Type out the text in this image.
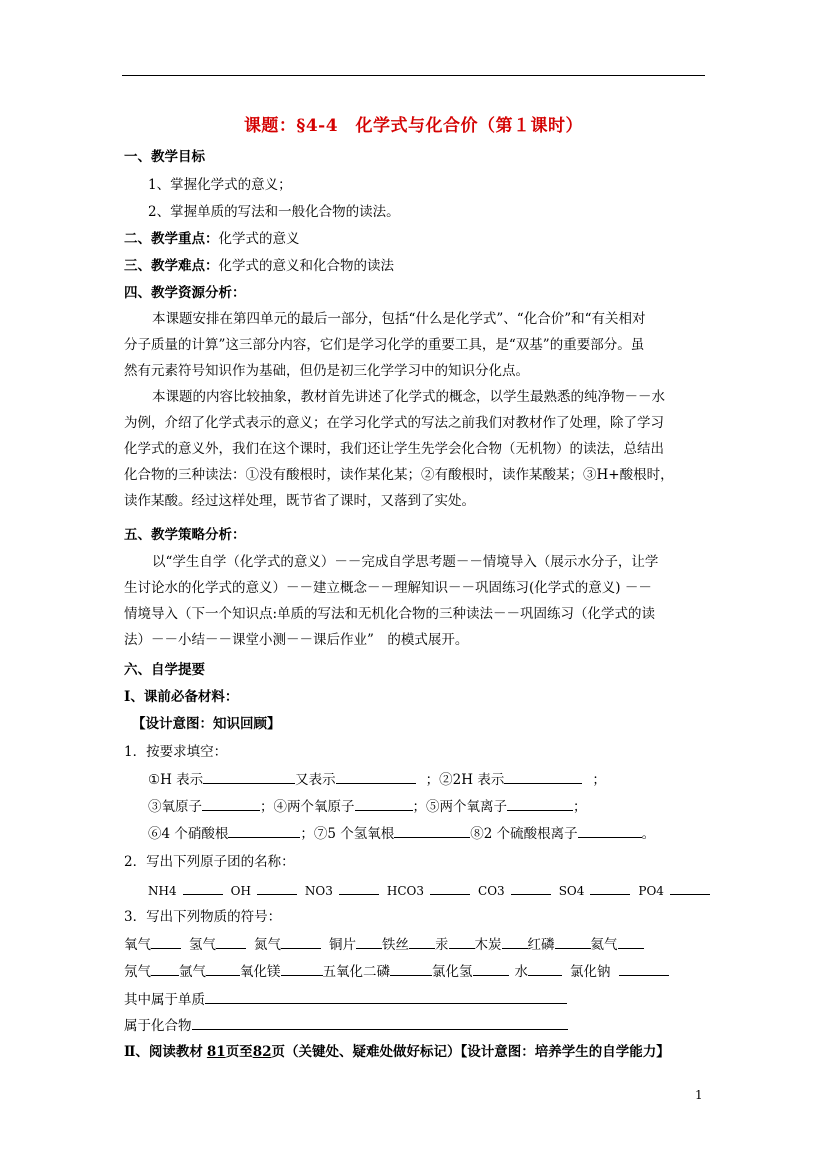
课题：§4-4　化学式与化合价（第１课时）
一、教学目标
1、掌握化学式的意义；
2、掌握单质的写法和一般化合物的读法。
二、教学重点：化学式的意义
三、教学难点：化学式的意义和化合物的读法
四、教学资源分析：
本课题安排在第四单元的最后一部分，包括“什么是化学式”、“化合价”和“有关相对
分子质量的计算”这三部分内容，它们是学习化学的重要工具，是“双基”的重要部分。虽
然有元素符号知识作为基础，但仍是初三化学学习中的知识分化点。
本课题的内容比较抽象，教材首先讲述了化学式的概念，以学生最熟悉的纯净物－－水
为例，介绍了化学式表示的意义；在学习化学式的写法之前我们对教材作了处理，除了学习
化学式的意义外，我们在这个课时，我们还让学生先学会化合物（无机物）的读法，总结出
化合物的三种读法：①没有酸根时，读作某化某；②有酸根时，读作某酸某；③H+酸根时，
读作某酸。经过这样处理，既节省了课时，又落到了实处。
五、教学策略分析：
以“学生自学（化学式的意义）－－完成自学思考题－－情境导入（展示水分子，让学
生讨论水的化学式的意义）－－建立概念－－理解知识－－巩固练习(化学式的意义) －－
情境导入（下一个知识点:单质的写法和无机化合物的三种读法－－巩固练习（化学式的读
法）－－小结－－课堂小测－－课后作业”　的模式展开。
六、自学提要
Ⅰ、课前必备材料：
【设计意图：知识回顾】
1．按要求填空：
①H 表示	又表示	；②2H 表示	；
③氧原子	；④两个氧原子	；⑤两个氧离子	；
⑥4 个硝酸根	；⑦5 个氢氧根	⑧2 个硫酸根离子	。
2．写出下列原子团的名称：
NH4	OH	NO3	HCO3	CO3	SO4	PO4
3．写出下列物质的符号：
氧气	氢气	氮气	铜片 铁丝 汞 木炭 红磷	氦气
氖气 氩气	氧化镁	五氧化二磷	氯化氢	水	氯化钠
其中属于单质
属于化合物
Ⅱ、阅读教材 81页至82页（关键处、疑难处做好标记）【设计意图：培养学生的自学能力】
1
